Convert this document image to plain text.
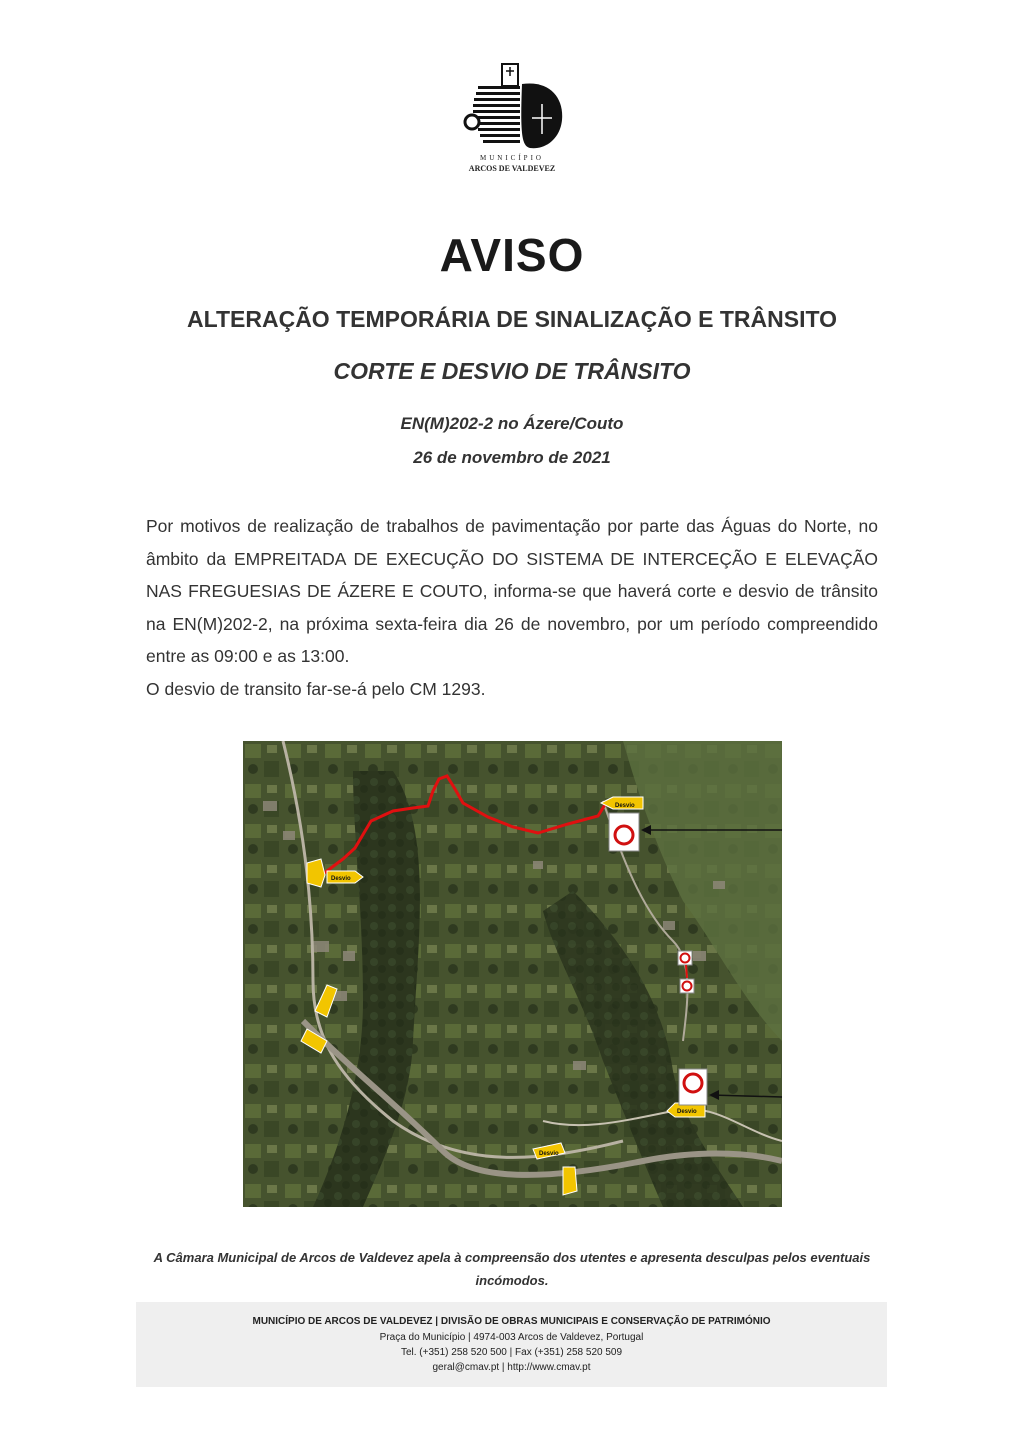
MUNICÍPIO
ARCOS DE VALDEVEZ
AVISO
ALTERAÇÃO TEMPORÁRIA DE SINALIZAÇÃO E TRÂNSITO
CORTE E DESVIO DE TRÂNSITO
EN(M)202-2 no Ázere/Couto
26 de novembro de 2021

Por motivos de realização de trabalhos de pavimentação por parte das Águas do Norte, no âmbito da EMPREITADA DE EXECUÇÃO DO SISTEMA DE INTERCEÇÃO E ELEVAÇÃO NAS FREGUESIAS DE ÁZERE E COUTO, informa-se que haverá corte e desvio de trânsito na EN(M)202-2, na próxima sexta-feira dia 26 de novembro, por um período compreendido entre as 09:00 e as 13:00.

O desvio de transito far-se-á pelo CM 1293.

Desvio
Desvio
Desvio
Desvio
A Câmara Municipal de Arcos de Valdevez apela à compreensão dos utentes e apresenta desculpas pelos eventuais incómodos.
MUNICÍPIO DE ARCOS DE VALDEVEZ | DIVISÃO DE OBRAS MUNICIPAIS E CONSERVAÇÃO DE PATRIMÓNIO
Praça do Município | 4974-003 Arcos de Valdevez, Portugal
Tel. (+351) 258 520 500 | Fax (+351) 258 520 509
geral@cmav.pt | http://www.cmav.pt
